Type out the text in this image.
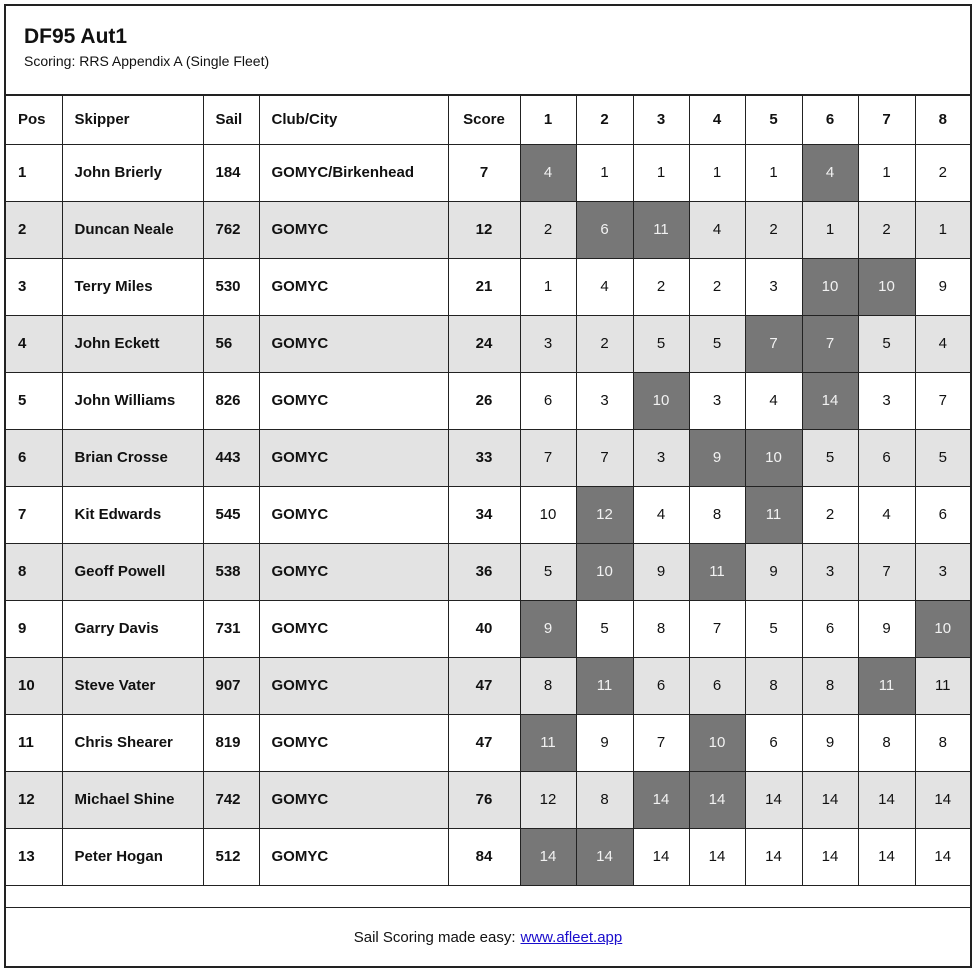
DF95 Aut1
Scoring: RRS Appendix A (Single Fleet)
Pos	Skipper	Sail	Club/City	Score	1	2	3	4	5	6	7	8
1	John Brierly	184	GOMYC/Birkenhead	7	4	1	1	1	1	4	1	2
2	Duncan Neale	762	GOMYC	12	2	6	11	4	2	1	2	1
3	Terry Miles	530	GOMYC	21	1	4	2	2	3	10	10	9
4	John Eckett	56	GOMYC	24	3	2	5	5	7	7	5	4
5	John Williams	826	GOMYC	26	6	3	10	3	4	14	3	7
6	Brian Crosse	443	GOMYC	33	7	7	3	9	10	5	6	5
7	Kit Edwards	545	GOMYC	34	10	12	4	8	11	2	4	6
8	Geoff Powell	538	GOMYC	36	5	10	9	11	9	3	7	3
9	Garry Davis	731	GOMYC	40	9	5	8	7	5	6	9	10
10	Steve Vater	907	GOMYC	47	8	11	6	6	8	8	11	11
11	Chris Shearer	819	GOMYC	47	11	9	7	10	6	9	8	8
12	Michael Shine	742	GOMYC	76	12	8	14	14	14	14	14	14
13	Peter Hogan	512	GOMYC	84	14	14	14	14	14	14	14	14
Sail Scoring made easy: www.afleet.app
